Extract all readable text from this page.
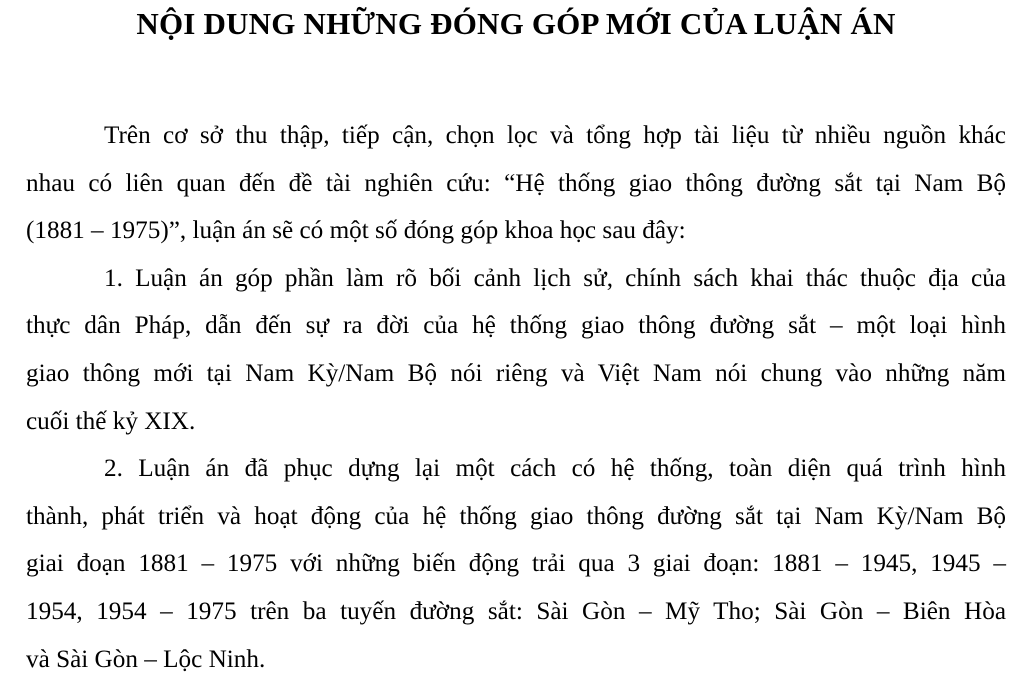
NỘI DUNG NHỮNG ĐÓNG GÓP MỚI CỦA LUẬN ÁN
Trên cơ sở thu thập, tiếp cận, chọn lọc và tổng hợp tài liệu từ nhiều nguồn khác
nhau có liên quan đến đề tài nghiên cứu: “Hệ thống giao thông đường sắt tại Nam Bộ
(1881 – 1975)”, luận án sẽ có một số đóng góp khoa học sau đây:
1. Luận án góp phần làm rõ bối cảnh lịch sử, chính sách khai thác thuộc địa của
thực dân Pháp, dẫn đến sự ra đời của hệ thống giao thông đường sắt – một loại hình
giao thông mới tại Nam Kỳ/Nam Bộ nói riêng và Việt Nam nói chung vào những năm
cuối thế kỷ XIX.
2. Luận án đã phục dựng lại một cách có hệ thống, toàn diện quá trình hình
thành, phát triển và hoạt động của hệ thống giao thông đường sắt tại Nam Kỳ/Nam Bộ
giai đoạn 1881 – 1975 với những biến động trải qua 3 giai đoạn: 1881 – 1945, 1945 –
1954, 1954 – 1975 trên ba tuyến đường sắt: Sài Gòn – Mỹ Tho; Sài Gòn – Biên Hòa
và Sài Gòn – Lộc Ninh.
